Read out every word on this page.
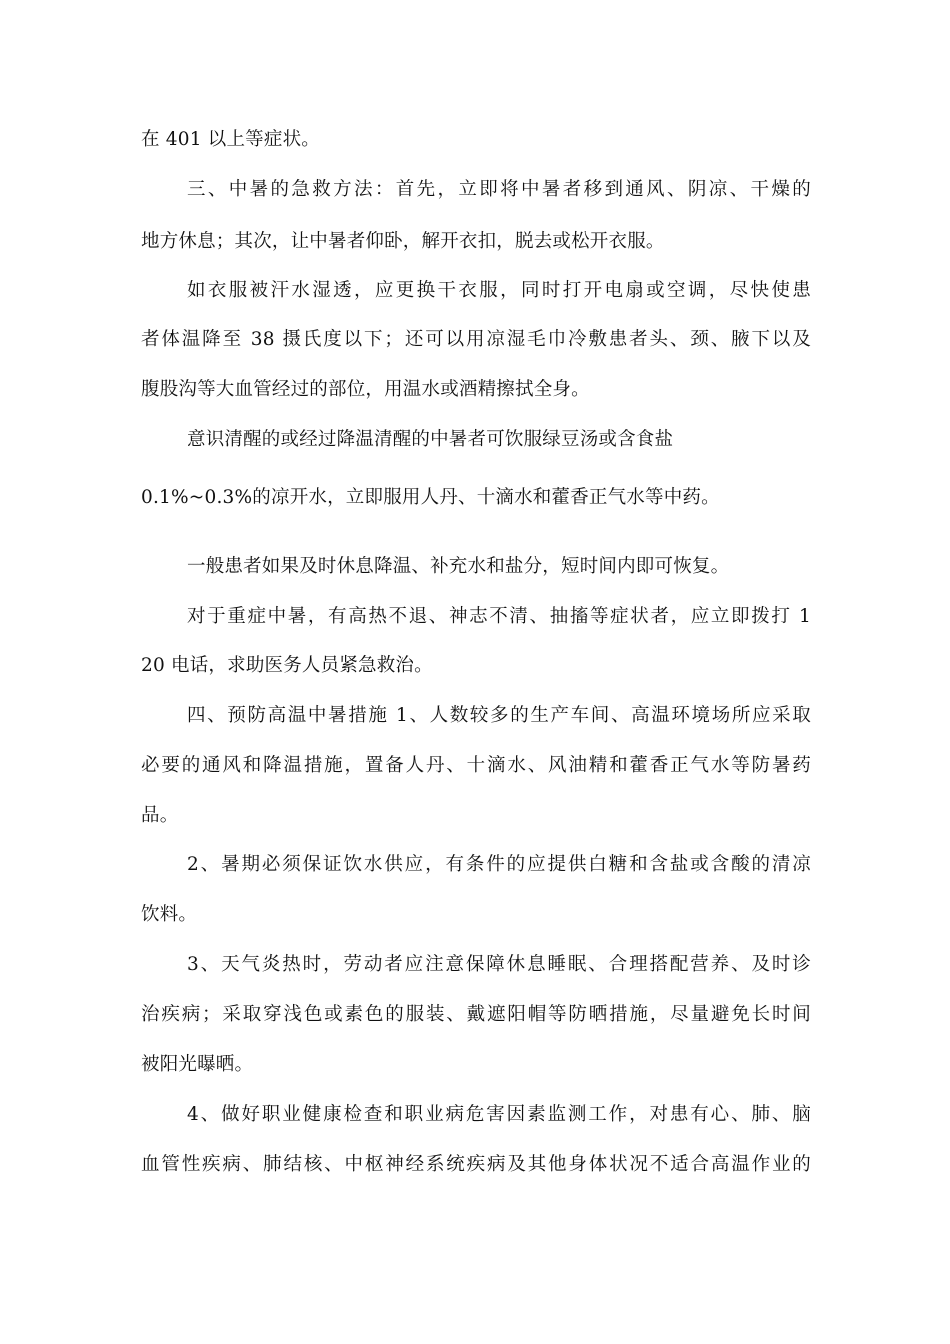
在 401 以上等症状。
三、中暑的急救方法：首先，立即将中暑者移到通风、阴凉、干燥的
地方休息；其次，让中暑者仰卧，解开衣扣，脱去或松开衣服。
如衣服被汗水湿透，应更换干衣服，同时打开电扇或空调，尽快使患
者体温降至 38 摄氏度以下；还可以用凉湿毛巾冷敷患者头、颈、腋下以及
腹股沟等大血管经过的部位，用温水或酒精擦拭全身。
意识清醒的或经过降温清醒的中暑者可饮服绿豆汤或含食盐
0.1%~0.3%的凉开水，立即服用人丹、十滴水和藿香正气水等中药。
一般患者如果及时休息降温、补充水和盐分，短时间内即可恢复。
对于重症中暑，有高热不退、神志不清、抽搐等症状者，应立即拨打 1
20 电话，求助医务人员紧急救治。
四、预防高温中暑措施 1、人数较多的生产车间、高温环境场所应采取
必要的通风和降温措施，置备人丹、十滴水、风油精和藿香正气水等防暑药
品。
2、暑期必须保证饮水供应，有条件的应提供白糖和含盐或含酸的清凉
饮料。
3、天气炎热时，劳动者应注意保障休息睡眠、合理搭配营养、及时诊
治疾病；采取穿浅色或素色的服装、戴遮阳帽等防晒措施，尽量避免长时间
被阳光曝晒。
4、做好职业健康检查和职业病危害因素监测工作，对患有心、肺、脑
血管性疾病、肺结核、中枢神经系统疾病及其他身体状况不适合高温作业的
